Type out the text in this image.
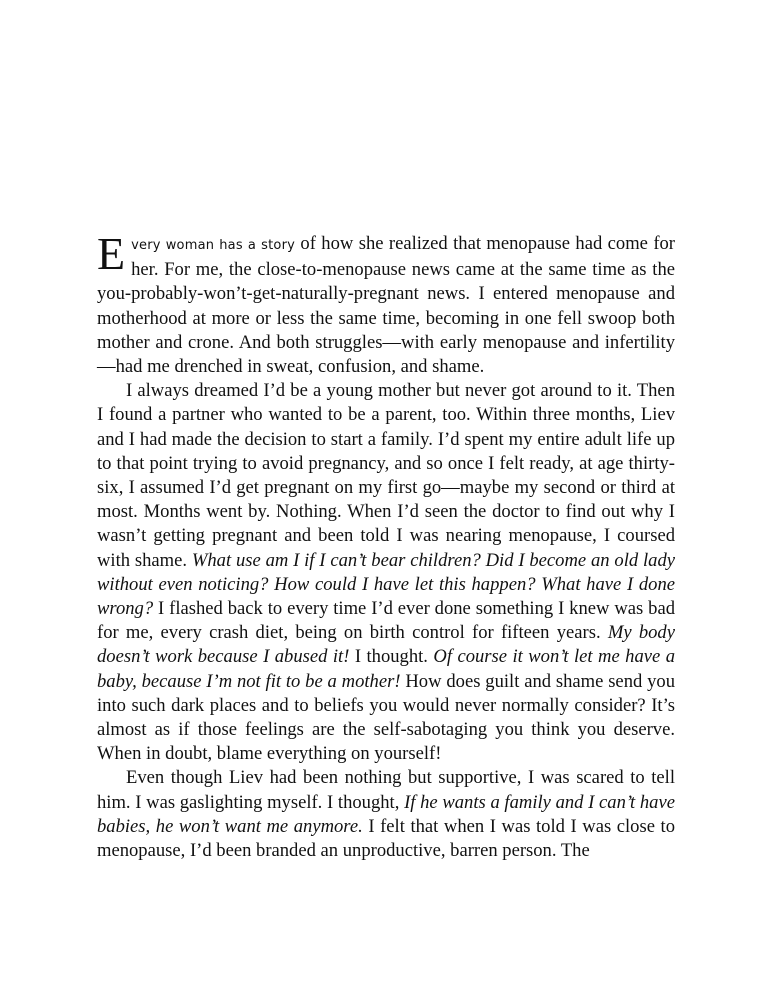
Every woman has a story of how she realized that menopause had come for her. For me, the close-to-menopause news came at the same time as the you-probably-won’t-get-naturally-pregnant news. I entered menopause and motherhood at more or less the same time, becoming in one fell swoop both mother and crone. And both struggles—with early menopause and infertility—had me drenched in sweat, confusion, and shame.

I always dreamed I’d be a young mother but never got around to it. Then I found a partner who wanted to be a parent, too. Within three months, Liev and I had made the decision to start a family. I’d spent my entire adult life up to that point trying to avoid pregnancy, and so once I felt ready, at age thirty-six, I assumed I’d get pregnant on my first go—maybe my second or third at most. Months went by. Nothing. When I’d seen the doctor to find out why I wasn’t getting pregnant and been told I was nearing menopause, I coursed with shame. What use am I if I can’t bear children? Did I become an old lady without even noticing? How could I have let this happen? What have I done wrong? I flashed back to every time I’d ever done something I knew was bad for me, every crash diet, being on birth control for fifteen years. My body doesn’t work because I abused it! I thought. Of course it won’t let me have a baby, because I’m not fit to be a mother! How does guilt and shame send you into such dark places and to beliefs you would never normally consider? It’s almost as if those feelings are the self-sabotaging you think you deserve. When in doubt, blame everything on yourself!

Even though Liev had been nothing but supportive, I was scared to tell him. I was gaslighting myself. I thought, If he wants a family and I can’t have babies, he won’t want me anymore. I felt that when I was told I was close to menopause, I’d been branded an unproductive, barren person. The
